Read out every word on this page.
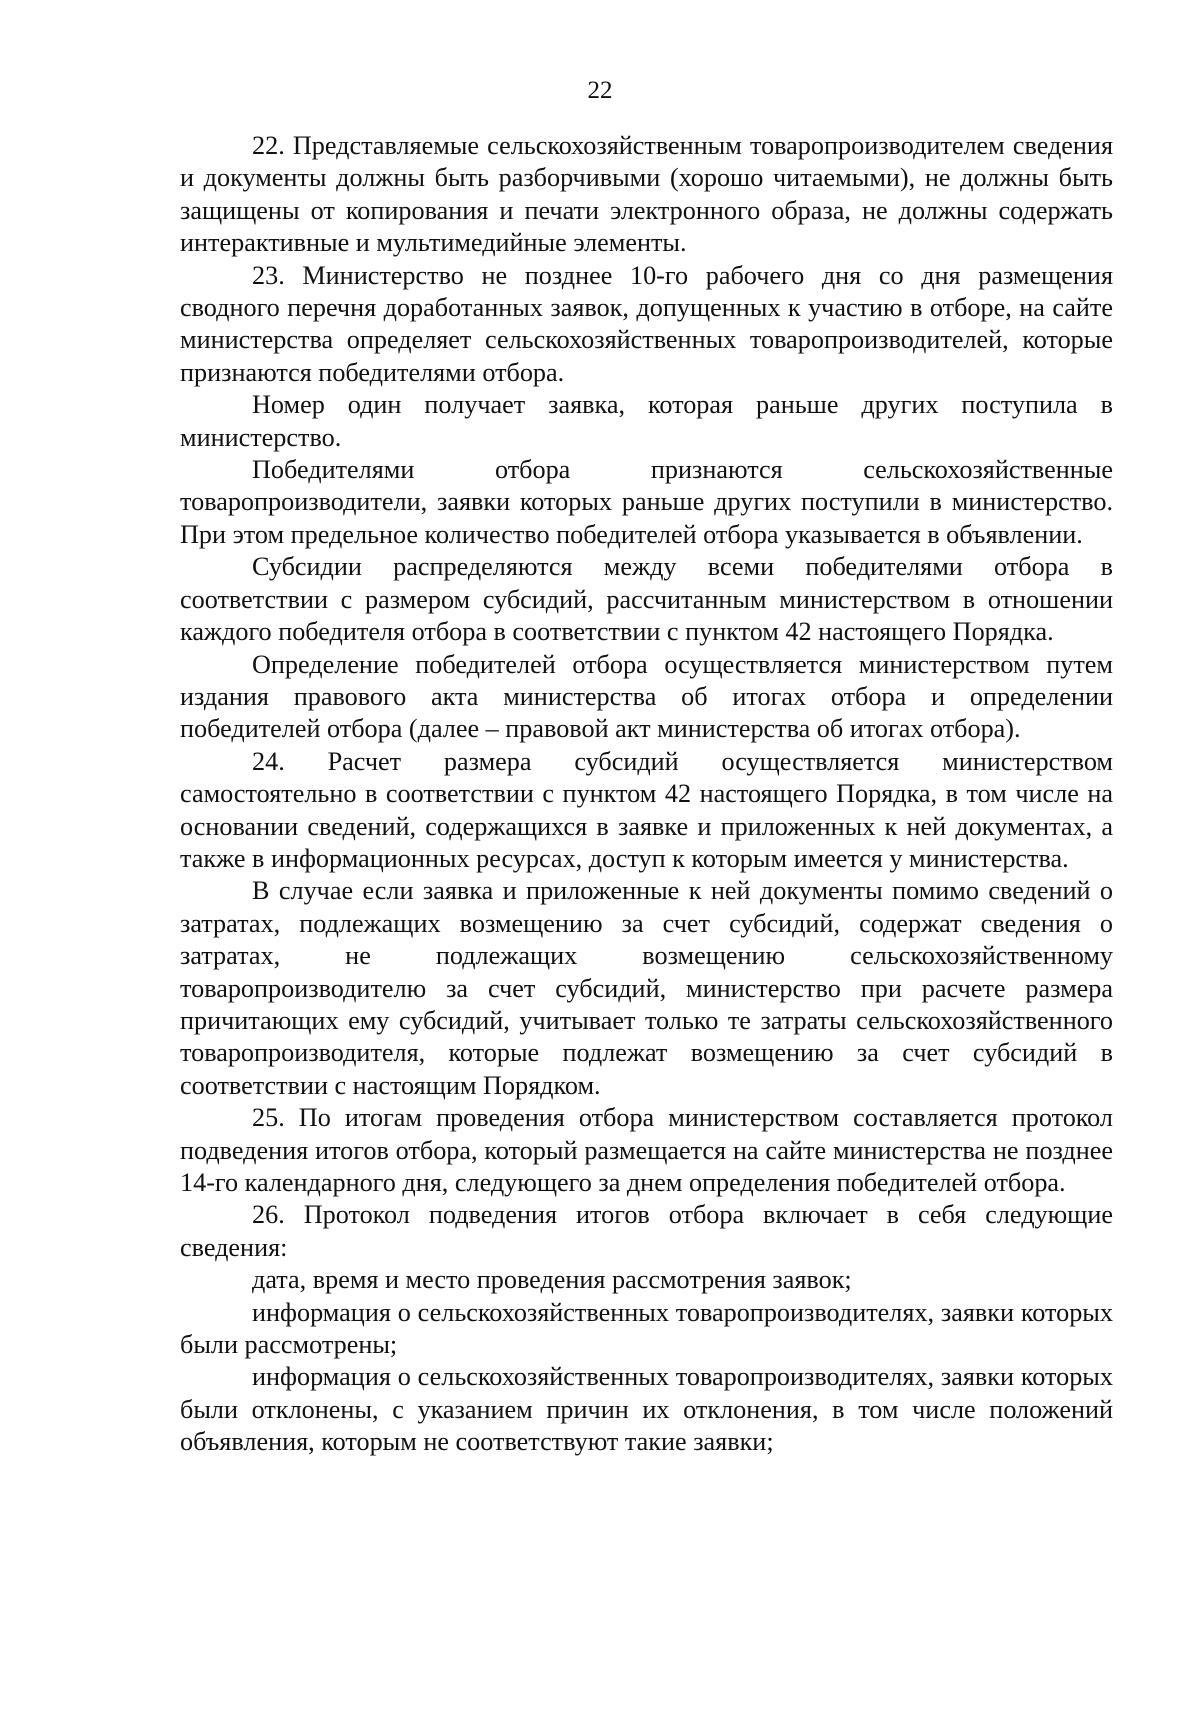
22

22. Представляемые сельскохозяйственным товаропроизводителем сведения и документы должны быть разборчивыми (хорошо читаемыми), не должны быть защищены от копирования и печати электронного образа, не должны содержать интерактивные и мультимедийные элементы.

23. Министерство не позднее 10-го рабочего дня со дня размещения сводного перечня доработанных заявок, допущенных к участию в отборе, на сайте министерства определяет сельскохозяйственных товаропроизводителей, которые признаются победителями отбора.

Номер один получает заявка, которая раньше других поступила в министерство.

Победителями отбора признаются сельскохозяйственные товаропроизводители, заявки которых раньше других поступили в министерство. При этом предельное количество победителей отбора указывается в объявлении.

Субсидии распределяются между всеми победителями отбора в соответствии с размером субсидий, рассчитанным министерством в отношении каждого победителя отбора в соответствии с пунктом 42 настоящего Порядка.

Определение победителей отбора осуществляется министерством путем издания правового акта министерства об итогах отбора и определении победителей отбора (далее – правовой акт министерства об итогах отбора).

24. Расчет размера субсидий осуществляется министерством самостоятельно в соответствии с пунктом 42 настоящего Порядка, в том числе на основании сведений, содержащихся в заявке и приложенных к ней документах, а также в информационных ресурсах, доступ к которым имеется у министерства.

В случае если заявка и приложенные к ней документы помимо сведений о затратах, подлежащих возмещению за счет субсидий, содержат сведения о затратах, не подлежащих возмещению сельскохозяйственному товаропроизводителю за счет субсидий, министерство при расчете размера причитающих ему субсидий, учитывает только те затраты сельскохозяйственного товаропроизводителя, которые подлежат возмещению за счет субсидий в соответствии с настоящим Порядком.

25. По итогам проведения отбора министерством составляется протокол подведения итогов отбора, который размещается на сайте министерства не позднее 14-го календарного дня, следующего за днем определения победителей отбора.

26. Протокол подведения итогов отбора включает в себя следующие сведения:

дата, время и место проведения рассмотрения заявок;

информация о сельскохозяйственных товаропроизводителях, заявки которых были рассмотрены;

информация о сельскохозяйственных товаропроизводителях, заявки которых были отклонены, с указанием причин их отклонения, в том числе положений объявления, которым не соответствуют такие заявки;
